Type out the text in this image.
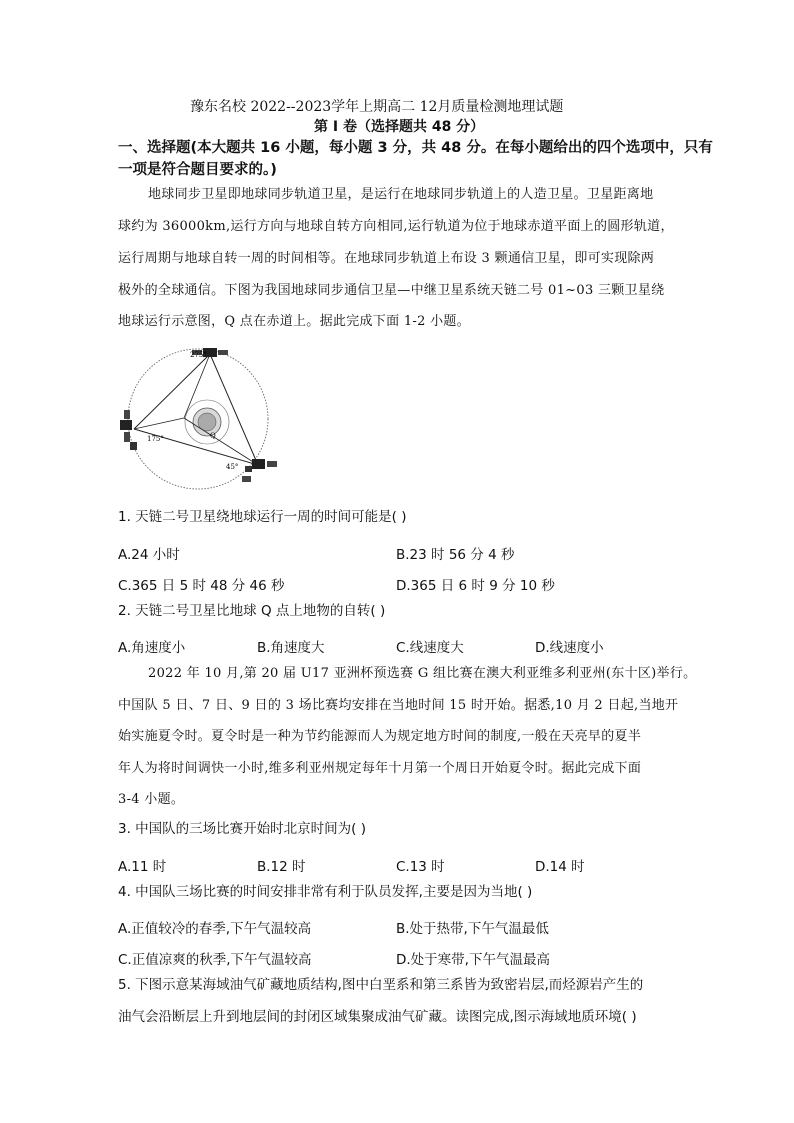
豫东名校 2022--2023学年上期高二 12月质量检测地理试题
第 I 卷（选择题共 48 分）
一、选择题(本大题共 16 小题，每小题 3 分，共 48 分。在每小题给出的四个选项中，只有
一项是符合题目要求的。)
地球同步卫星即地球同步轨道卫星，是运行在地球同步轨道上的人造卫星。卫星距离地
球约为 36000km,运行方向与地球自转方向相同,运行轨道为位于地球赤道平面上的圆形轨道，
运行周期与地球自转一周的时间相等。在地球同步轨道上布设 3 颗通信卫星，即可实现除两
极外的全球通信。下图为我国地球同步通信卫星—中继卫星系统天链二号 01~03 三颗卫星绕
地球运行示意图，Q 点在赤道上。据此完成下面 1-2 小题。
275°
175°
45°
Q
1. 天链二号卫星绕地球运行一周的时间可能是( )
A.24 小时	B.23 时 56 分 4 秒
C.365 日 5 时 48 分 46 秒	D.365 日 6 时 9 分 10 秒
2. 天链二号卫星比地球 Q 点上地物的自转( )
A.角速度小	B.角速度大	C.线速度大	D.线速度小
2022 年 10 月,第 20 届 U17 亚洲杯预选赛 G 组比赛在澳大利亚维多利亚州(东十区)举行。
中国队 5 日、7 日、9 日的 3 场比赛均安排在当地时间 15 时开始。据悉,10 月 2 日起,当地开
始实施夏令时。夏令时是一种为节约能源而人为规定地方时间的制度,一般在天亮早的夏半
年人为将时间调快一小时,维多利亚州规定每年十月第一个周日开始夏令时。据此完成下面
3-4 小题。
3. 中国队的三场比赛开始时北京时间为( )
A.11 时	B.12 时	C.13 时	D.14 时
4. 中国队三场比赛的时间安排非常有利于队员发挥,主要是因为当地( )
A.正值较冷的春季,下午气温较高	B.处于热带,下午气温最低
C.正值凉爽的秋季,下午气温较高	D.处于寒带,下午气温最高
5. 下图示意某海域油气矿藏地质结构,图中白垩系和第三系皆为致密岩层,而烃源岩产生的
油气会沿断层上升到地层间的封闭区域集聚成油气矿藏。读图完成,图示海域地质环境( )
